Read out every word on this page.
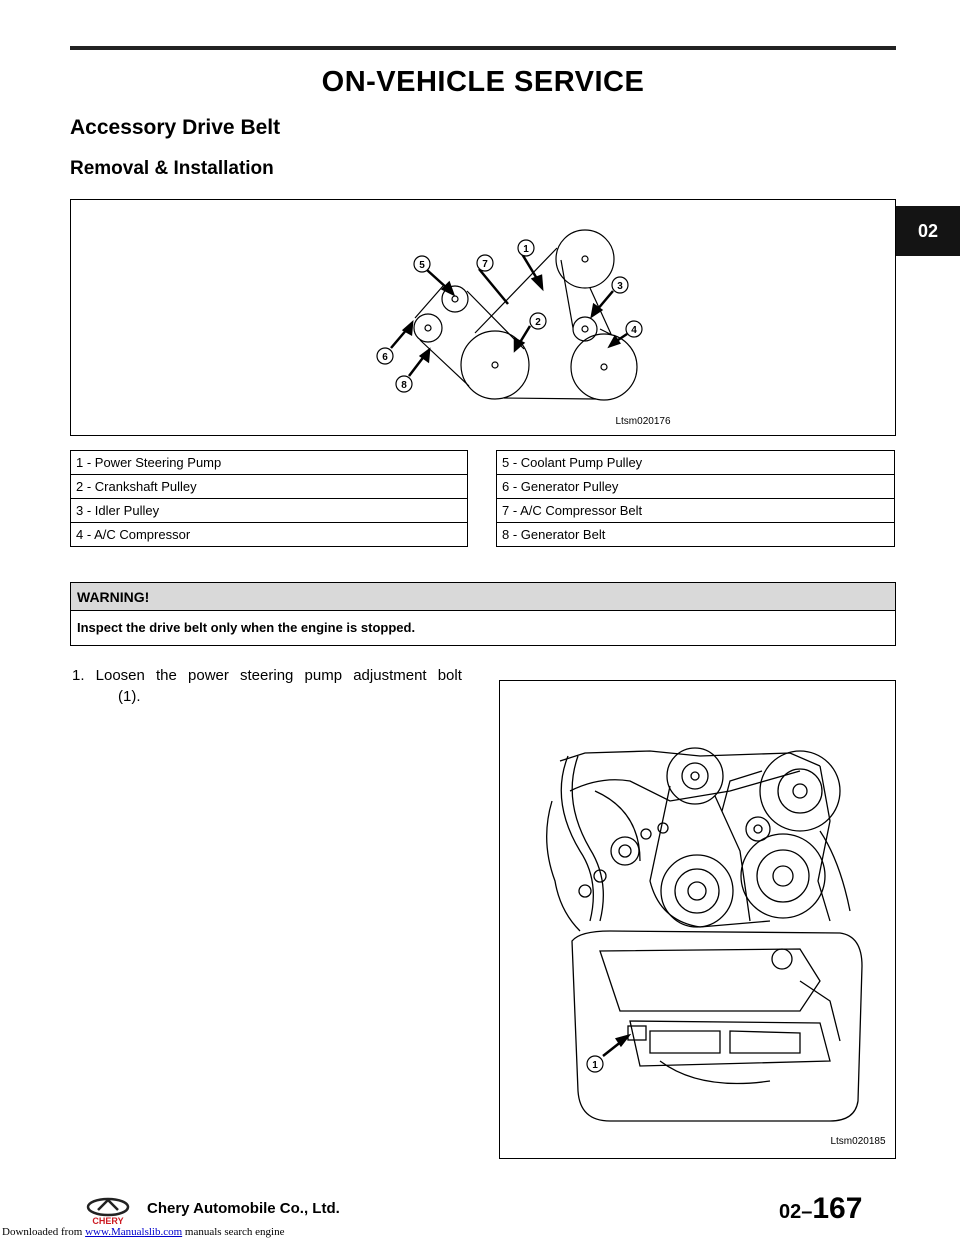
ON-VEHICLE SERVICE
Accessory Drive Belt
Removal & Installation
02
1
2
3
4
5
6
7
8
Ltsm020176
1 - Power Steering Pump
2 - Crankshaft Pulley
3 - Idler Pulley
4 - A/C Compressor
5 - Coolant Pump Pulley
6 - Generator Pulley
7 - A/C Compressor Belt
8 - Generator Belt
WARNING!
Inspect the drive belt only when the engine is stopped.
1. Loosen the power steering pump adjustment bolt
(1).
1
Ltsm020185
CHERY
Chery Automobile Co., Ltd.	02–167
Downloaded from www.Manualslib.com manuals search engine
